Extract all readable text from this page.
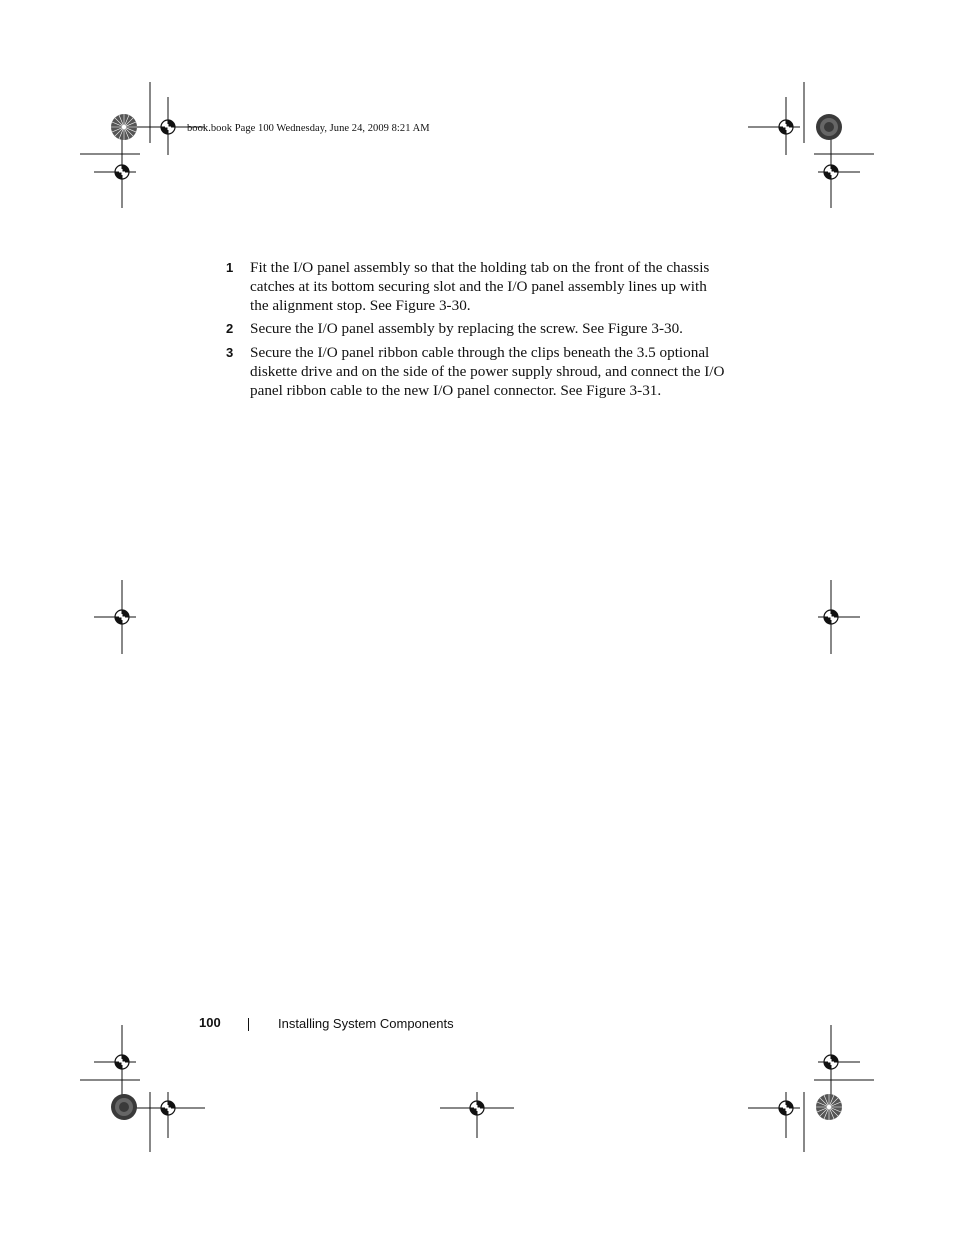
book.book Page 100 Wednesday, June 24, 2009 8:21 AM
1 Fit the I/O panel assembly so that the holding tab on the front of the chassis catches at its bottom securing slot and the I/O panel assembly lines up with the alignment stop. See Figure 3-30.
2 Secure the I/O panel assembly by replacing the screw. See Figure 3-30.
3 Secure the I/O panel ribbon cable through the clips beneath the 3.5 optional diskette drive and on the side of the power supply shroud, and connect the I/O panel ribbon cable to the new I/O panel connector. See Figure 3-31.
100	Installing System Components
